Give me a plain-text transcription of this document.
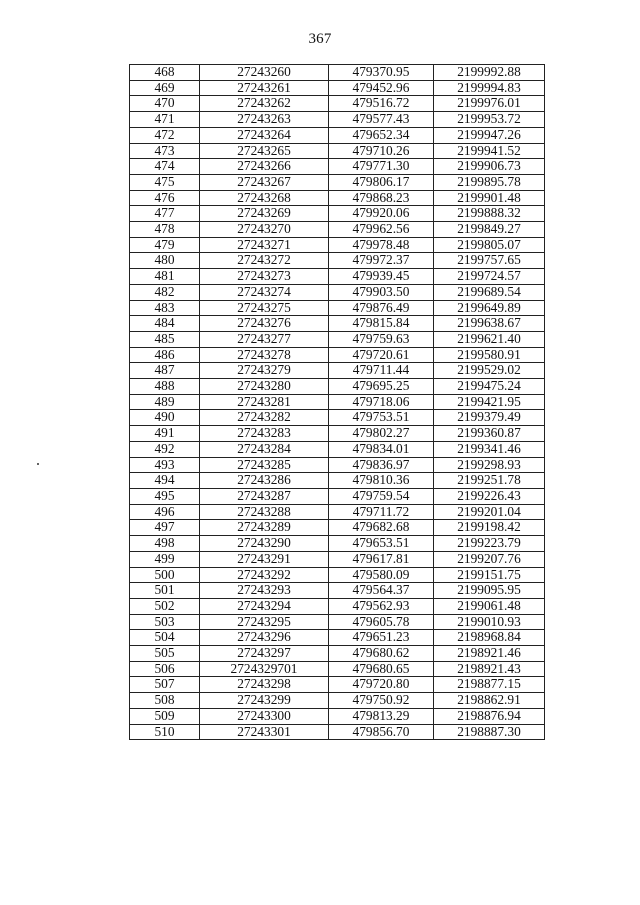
367
468	27243260	479370.95	2199992.88
469	27243261	479452.96	2199994.83
470	27243262	479516.72	2199976.01
471	27243263	479577.43	2199953.72
472	27243264	479652.34	2199947.26
473	27243265	479710.26	2199941.52
474	27243266	479771.30	2199906.73
475	27243267	479806.17	2199895.78
476	27243268	479868.23	2199901.48
477	27243269	479920.06	2199888.32
478	27243270	479962.56	2199849.27
479	27243271	479978.48	2199805.07
480	27243272	479972.37	2199757.65
481	27243273	479939.45	2199724.57
482	27243274	479903.50	2199689.54
483	27243275	479876.49	2199649.89
484	27243276	479815.84	2199638.67
485	27243277	479759.63	2199621.40
486	27243278	479720.61	2199580.91
487	27243279	479711.44	2199529.02
488	27243280	479695.25	2199475.24
489	27243281	479718.06	2199421.95
490	27243282	479753.51	2199379.49
491	27243283	479802.27	2199360.87
492	27243284	479834.01	2199341.46
493	27243285	479836.97	2199298.93
494	27243286	479810.36	2199251.78
495	27243287	479759.54	2199226.43
496	27243288	479711.72	2199201.04
497	27243289	479682.68	2199198.42
498	27243290	479653.51	2199223.79
499	27243291	479617.81	2199207.76
500	27243292	479580.09	2199151.75
501	27243293	479564.37	2199095.95
502	27243294	479562.93	2199061.48
503	27243295	479605.78	2199010.93
504	27243296	479651.23	2198968.84
505	27243297	479680.62	2198921.46
506	2724329701	479680.65	2198921.43
507	27243298	479720.80	2198877.15
508	27243299	479750.92	2198862.91
509	27243300	479813.29	2198876.94
510	27243301	479856.70	2198887.30
